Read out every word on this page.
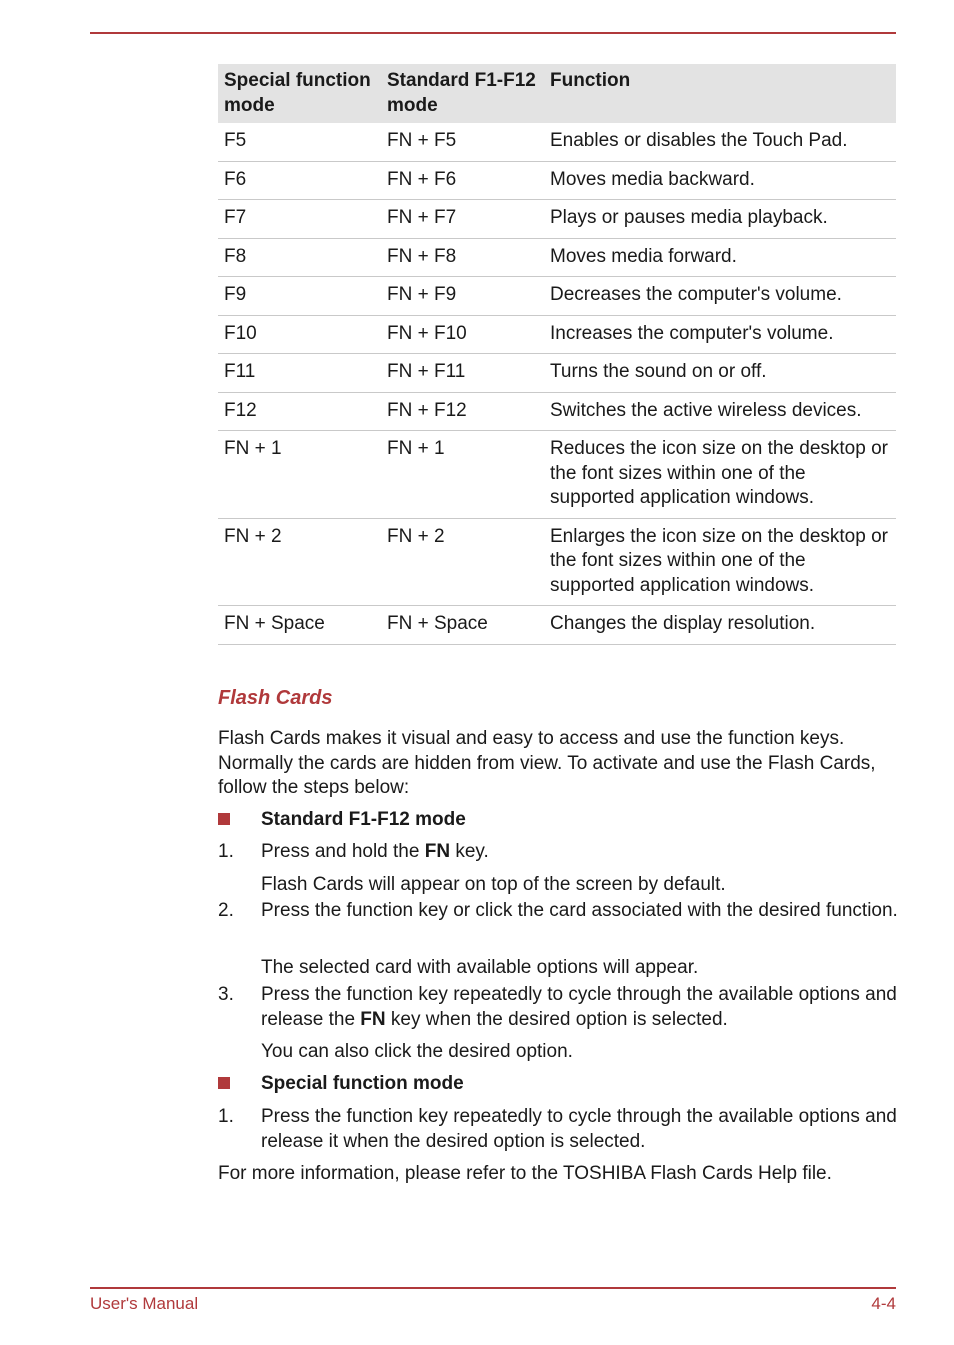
Special function mode	Standard F1-F12 mode	Function
F5	FN + F5	Enables or disables the Touch Pad.
F6	FN + F6	Moves media backward.
F7	FN + F7	Plays or pauses media playback.
F8	FN + F8	Moves media forward.
F9	FN + F9	Decreases the computer's volume.
F10	FN + F10	Increases the computer's volume.
F11	FN + F11	Turns the sound on or off.
F12	FN + F12	Switches the active wireless devices.
FN + 1	FN + 1	Reduces the icon size on the desktop or the font sizes within one of the supported application windows.
FN + 2	FN + 2	Enlarges the icon size on the desktop or the font sizes within one of the supported application windows.
FN + Space	FN + Space	Changes the display resolution.
Flash Cards
Flash Cards makes it visual and easy to access and use the function keys. Normally the cards are hidden from view. To activate and use the Flash Cards, follow the steps below:
Standard F1-F12 mode
1. Press and hold the FN key.
Flash Cards will appear on top of the screen by default.
2. Press the function key or click the card associated with the desired function.
The selected card with available options will appear.
3. Press the function key repeatedly to cycle through the available options and release the FN key when the desired option is selected.
You can also click the desired option.
Special function mode
1. Press the function key repeatedly to cycle through the available options and release it when the desired option is selected.
For more information, please refer to the TOSHIBA Flash Cards Help file.
User's Manual	4-4
